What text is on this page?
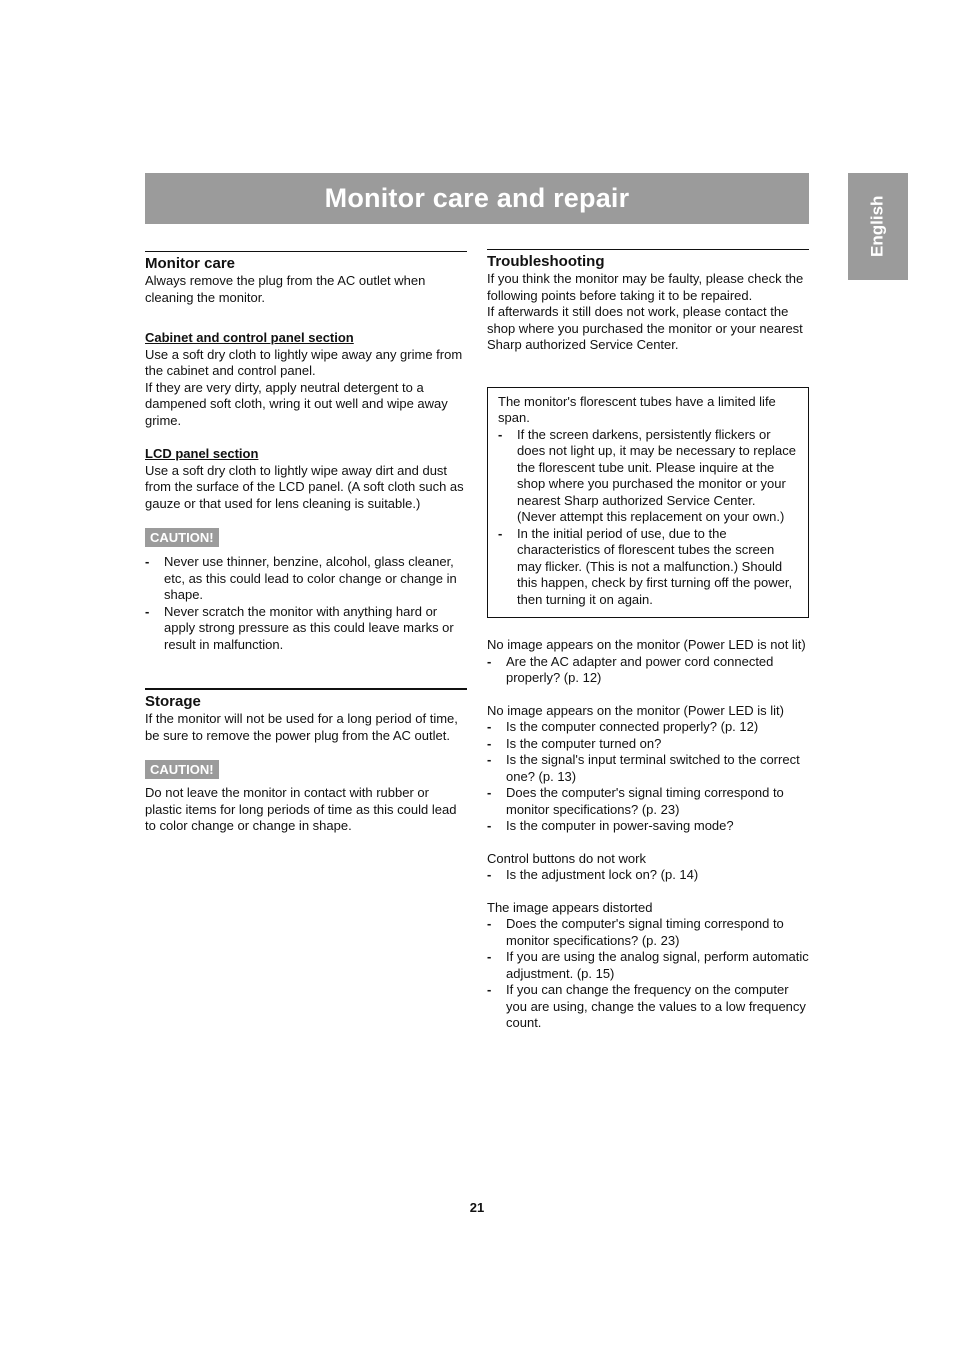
Monitor care and repair	English
Monitor care

Always remove the plug from the AC outlet when cleaning the monitor.

Cabinet and control panel section

Use a soft dry cloth to lightly wipe away any grime from the cabinet and control panel.

If they are very dirty, apply neutral detergent to a dampened soft cloth, wring it out well and wipe away grime.

LCD panel section

Use a soft dry cloth to lightly wipe away dirt and dust from the surface of the LCD panel. (A soft cloth such as gauze or that used for lens cleaning is suitable.)

CAUTION!
- Never use thinner, benzine, alcohol, glass cleaner, etc, as this could lead to color change or change in shape.
- Never scratch the monitor with anything hard or apply strong pressure as this could leave marks or result in malfunction.
Storage

If the monitor will not be used for a long period of time, be sure to remove the power plug from the AC outlet.

CAUTION!

Do not leave the monitor in contact with rubber or plastic items for long periods of time as this could lead to color change or change in shape.

Troubleshooting

If you think the monitor may be faulty, please check the following points before taking it to be repaired.

If afterwards it still does not work, please contact the shop where you purchased the monitor or your nearest Sharp authorized Service Center.

The monitor's florescent tubes have a limited life span.

- If the screen darkens, persistently flickers or does not light up, it may be necessary to replace the florescent tube unit. Please inquire at the shop where you purchased the monitor or your nearest Sharp authorized Service Center. (Never attempt this replacement on your own.)
- In the initial period of use, due to the characteristics of florescent tubes the screen may flicker. (This is not a malfunction.) Should this happen, check by first turning off the power, then turning it on again.

No image appears on the monitor (Power LED is not lit)

- Are the AC adapter and power cord connected properly? (p. 12)

No image appears on the monitor (Power LED is lit)

- Is the computer connected properly? (p. 12)
- Is the computer turned on?
- Is the signal's input terminal switched to the correct one? (p. 13)
- Does the computer's signal timing correspond to monitor specifications? (p. 23)
- Is the computer in power-saving mode?

Control buttons do not work

- Is the adjustment lock on? (p. 14)

The image appears distorted

- Does the computer's signal timing correspond to monitor specifications? (p. 23)
- If you are using the analog signal, perform automatic adjustment. (p. 15)
- If you can change the frequency on the computer you are using, change the values to a low frequency count.
21
